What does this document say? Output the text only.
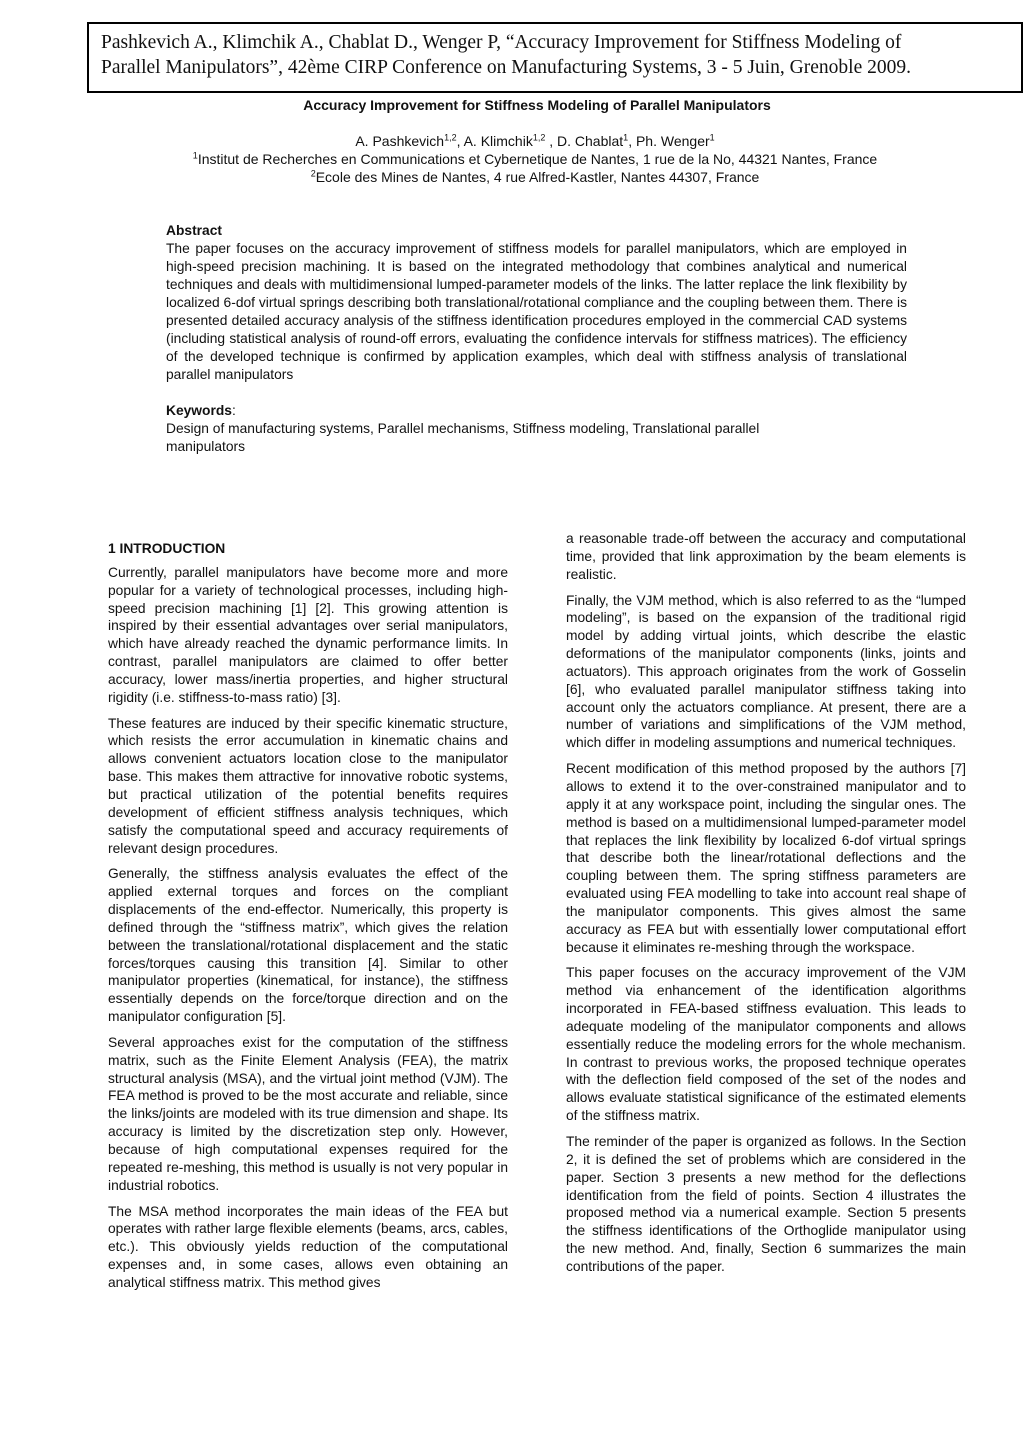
Pashkevich A., Klimchik A., Chablat D., Wenger P, “Accuracy Improvement for Stiffness Modeling of
Parallel Manipulators”, 42ème CIRP Conference on Manufacturing Systems, 3 - 5 Juin, Grenoble 2009.
Accuracy Improvement for Stiffness Modeling of Parallel Manipulators
A. Pashkevich$^{1,2}$, A. Klimchik$^{1,2}$ , D. Chablat$^1$, Ph. Wenger$^1$
$^1$Institut de Recherches en Communications et Cybernetique de Nantes, 1 rue de la No, 44321 Nantes, France
$^2$Ecole des Mines de Nantes, 4 rue Alfred-Kastler, Nantes 44307, France
Abstract
The paper focuses on the accuracy improvement of stiffness models for parallel manipulators, which are employed in high-speed precision machining. It is based on the integrated methodology that combines analytical and numerical techniques and deals with multidimensional lumped-parameter models of the links. The latter replace the link flexibility by localized 6-dof virtual springs describing both translational/rotational compliance and the coupling between them. There is presented detailed accuracy analysis of the stiffness identification procedures employed in the commercial CAD systems (including statistical analysis of round-off errors, evaluating the confidence intervals for stiffness matrices). The efficiency of the developed technique is confirmed by application examples, which deal with stiffness analysis of translational parallel manipulators
Keywords:
Design of manufacturing systems, Parallel mechanisms, Stiffness modeling, Translational parallel
manipulators
1 INTRODUCTION

Currently, parallel manipulators have become more and more popular for a variety of technological processes, including high-speed precision machining [1] [2]. This growing attention is inspired by their essential advantages over serial manipulators, which have already reached the dynamic performance limits. In contrast, parallel manipulators are claimed to offer better accuracy, lower mass/inertia properties, and higher structural rigidity (i.e. stiffness-to-mass ratio) [3].

These features are induced by their specific kinematic structure, which resists the error accumulation in kinematic chains and allows convenient actuators location close to the manipulator base. This makes them attractive for innovative robotic systems, but practical utilization of the potential benefits requires development of efficient stiffness analysis techniques, which satisfy the computational speed and accuracy requirements of relevant design procedures.

Generally, the stiffness analysis evaluates the effect of the applied external torques and forces on the compliant displacements of the end-effector. Numerically, this property is defined through the “stiffness matrix”, which gives the relation between the translational/rotational displacement and the static forces/torques causing this transition [4]. Similar to other manipulator properties (kinematical, for instance), the stiffness essentially depends on the force/torque direction and on the manipulator configuration [5].

Several approaches exist for the computation of the stiffness matrix, such as the Finite Element Analysis (FEA), the matrix structural analysis (MSA), and the virtual joint method (VJM). The FEA method is proved to be the most accurate and reliable, since the links/joints are modeled with its true dimension and shape. Its accuracy is limited by the discretization step only. However, because of high computational expenses required for the repeated re-meshing, this method is usually is not very popular in industrial robotics.

The MSA method incorporates the main ideas of the FEA but operates with rather large flexible elements (beams, arcs, cables, etc.). This obviously yields reduction of the computational expenses and, in some cases, allows even obtaining an analytical stiffness matrix. This method gives

a reasonable trade-off between the accuracy and computational time, provided that link approximation by the beam elements is realistic.

Finally, the VJM method, which is also referred to as the “lumped modeling”, is based on the expansion of the traditional rigid model by adding virtual joints, which describe the elastic deformations of the manipulator components (links, joints and actuators). This approach originates from the work of Gosselin [6], who evaluated parallel manipulator stiffness taking into account only the actuators compliance. At present, there are a number of variations and simplifications of the VJM method, which differ in modeling assumptions and numerical techniques.

Recent modification of this method proposed by the authors [7] allows to extend it to the over-constrained manipulator and to apply it at any workspace point, including the singular ones. The method is based on a multidimensional lumped-parameter model that replaces the link flexibility by localized 6-dof virtual springs that describe both the linear/rotational deflections and the coupling between them. The spring stiffness parameters are evaluated using FEA modelling to take into account real shape of the manipulator components. This gives almost the same accuracy as FEA but with essentially lower computational effort because it eliminates re-meshing through the workspace.

This paper focuses on the accuracy improvement of the VJM method via enhancement of the identification algorithms incorporated in FEA-based stiffness evaluation. This leads to adequate modeling of the manipulator components and allows essentially reduce the modeling errors for the whole mechanism. In contrast to previous works, the proposed technique operates with the deflection field composed of the set of the nodes and allows evaluate statistical significance of the estimated elements of the stiffness matrix.

The reminder of the paper is organized as follows. In the Section 2, it is defined the set of problems which are considered in the paper. Section 3 presents a new method for the deflections identification from the field of points. Section 4 illustrates the proposed method via a numerical example. Section 5 presents the stiffness identifications of the Orthoglide manipulator using the new method. And, finally, Section 6 summarizes the main contributions of the paper.
